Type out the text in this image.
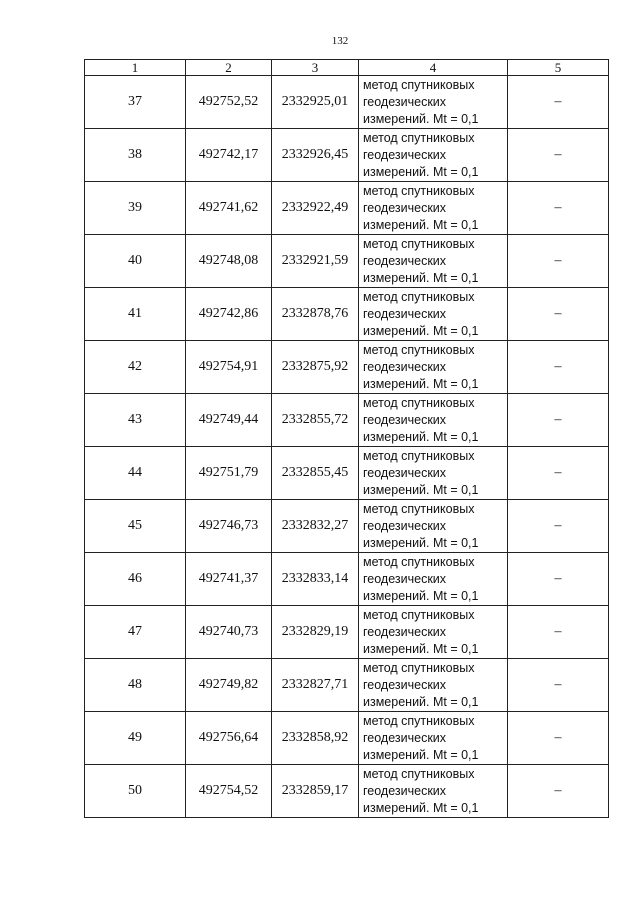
132
1	2	3	4	5
37	492752,52	2332925,01	метод спутниковых
геодезических
измерений. Mt = 0,1	–
38	492742,17	2332926,45	метод спутниковых
геодезических
измерений. Mt = 0,1	–
39	492741,62	2332922,49	метод спутниковых
геодезических
измерений. Mt = 0,1	–
40	492748,08	2332921,59	метод спутниковых
геодезических
измерений. Mt = 0,1	–
41	492742,86	2332878,76	метод спутниковых
геодезических
измерений. Mt = 0,1	–
42	492754,91	2332875,92	метод спутниковых
геодезических
измерений. Mt = 0,1	–
43	492749,44	2332855,72	метод спутниковых
геодезических
измерений. Mt = 0,1	–
44	492751,79	2332855,45	метод спутниковых
геодезических
измерений. Mt = 0,1	–
45	492746,73	2332832,27	метод спутниковых
геодезических
измерений. Mt = 0,1	–
46	492741,37	2332833,14	метод спутниковых
геодезических
измерений. Mt = 0,1	–
47	492740,73	2332829,19	метод спутниковых
геодезических
измерений. Mt = 0,1	–
48	492749,82	2332827,71	метод спутниковых
геодезических
измерений. Mt = 0,1	–
49	492756,64	2332858,92	метод спутниковых
геодезических
измерений. Mt = 0,1	–
50	492754,52	2332859,17	метод спутниковых
геодезических
измерений. Mt = 0,1	–
